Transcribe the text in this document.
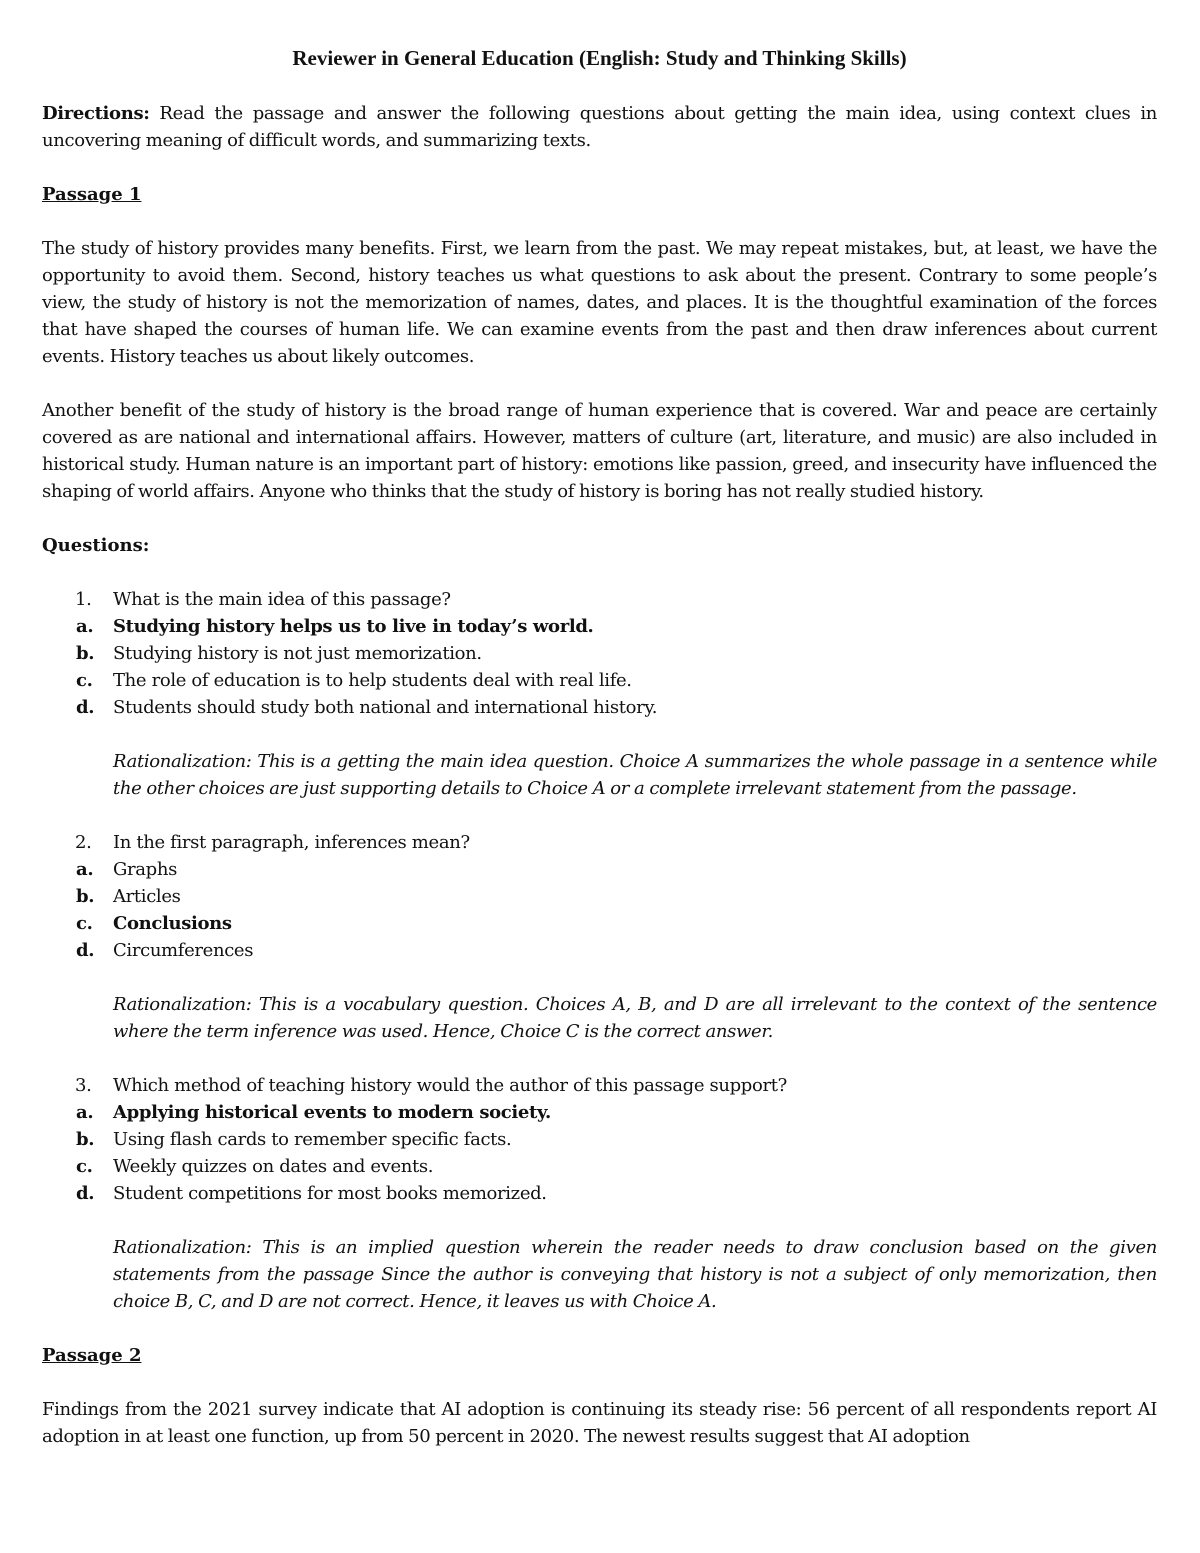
Reviewer in General Education (English: Study and Thinking Skills)

Directions: Read the passage and answer the following questions about getting the main idea, using context clues in uncovering meaning of difficult words, and summarizing texts.

Passage 1

The study of history provides many benefits. First, we learn from the past. We may repeat mistakes, but, at least, we have the opportunity to avoid them. Second, history teaches us what questions to ask about the present. Contrary to some people’s view, the study of history is not the memorization of names, dates, and places. It is the thoughtful examination of the forces that have shaped the courses of human life. We can examine events from the past and then draw inferences about current events. History teaches us about likely outcomes.

Another benefit of the study of history is the broad range of human experience that is covered. War and peace are certainly covered as are national and international affairs. However, matters of culture (art, literature, and music) are also included in historical study. Human nature is an important part of history: emotions like passion, greed, and insecurity have influenced the shaping of world affairs. Anyone who thinks that the study of history is boring has not really studied history.

Questions:
1. What is the main idea of this passage?
a. Studying history helps us to live in today’s world.
b. Studying history is not just memorization.
c. The role of education is to help students deal with real life.
d. Students should study both national and international history.

Rationalization: This is a getting the main idea question. Choice A summarizes the whole passage in a sentence while the other choices are just supporting details to Choice A or a complete irrelevant statement from the passage.

2. In the first paragraph, inferences mean?
a. Graphs
b. Articles
c. Conclusions
d. Circumferences

Rationalization: This is a vocabulary question. Choices A, B, and D are all irrelevant to the context of the sentence where the term inference was used. Hence, Choice C is the correct answer.

3. Which method of teaching history would the author of this passage support?
a. Applying historical events to modern society.
b. Using flash cards to remember specific facts.
c. Weekly quizzes on dates and events.
d. Student competitions for most books memorized.

Rationalization: This is an implied question wherein the reader needs to draw conclusion based on the given statements from the passage Since the author is conveying that history is not a subject of only memorization, then choice B, C, and D are not correct. Hence, it leaves us with Choice A.

Passage 2

Findings from the 2021 survey indicate that AI adoption is continuing its steady rise: 56 percent of all respondents report AI adoption in at least one function, up from 50 percent in 2020. The newest results suggest that AI adoption
